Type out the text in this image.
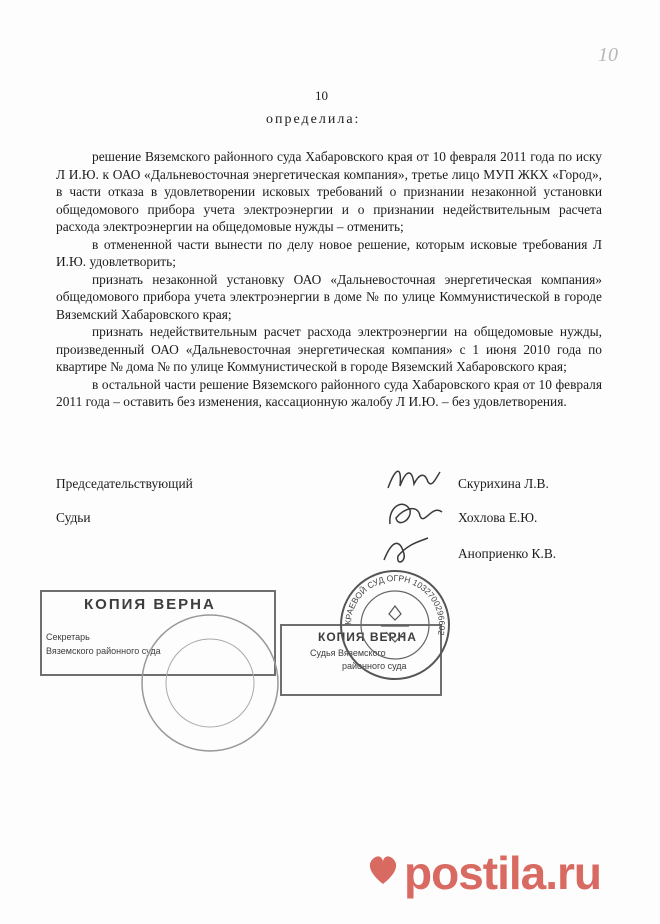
10
10
определила:

решение Вяземского районного суда Хабаровского края от 10 февраля 2011 года по иску Л И.Ю. к ОАО «Дальневосточная энергетическая компания», третье лицо МУП ЖКХ «Город», в части отказа в удовлетворении исковых требований о признании незаконной установки общедомового прибора учета электроэнергии и о признании недействительным расчета расхода электроэнергии на общедомовые нужды – отменить;

в отмененной части вынести по делу новое решение, которым исковые требования Л И.Ю. удовлетворить;

признать незаконной установку ОАО «Дальневосточная энергетическая компания» общедомового прибора учета электроэнергии в доме № по улице Коммунистической в городе Вяземский Хабаровского края;

признать недействительным расчет расхода электроэнергии на общедомовые нужды, произведенный ОАО «Дальневосточная энергетическая компания» с 1 июня 2010 года по квартире № дома № по улице Коммунистической в городе Вяземский Хабаровского края;

в остальной части решение Вяземского районного суда Хабаровского края от 10 февраля 2011 года – оставить без изменения, кассационную жалобу Л И.Ю. – без удовлетворения.

Председательствующий	Скурихина Л.В.
Судьи	Хохлова Е.Ю.
Аноприенко К.В.
КОПИЯ ВЕРНА
Секретарь
Вяземского районного суда
КОПИЯ ВЕРНА
Судья Вяземского
районного суда
КРАЕВОЙ СУД ОГРН 1032700296602
postila.ru
